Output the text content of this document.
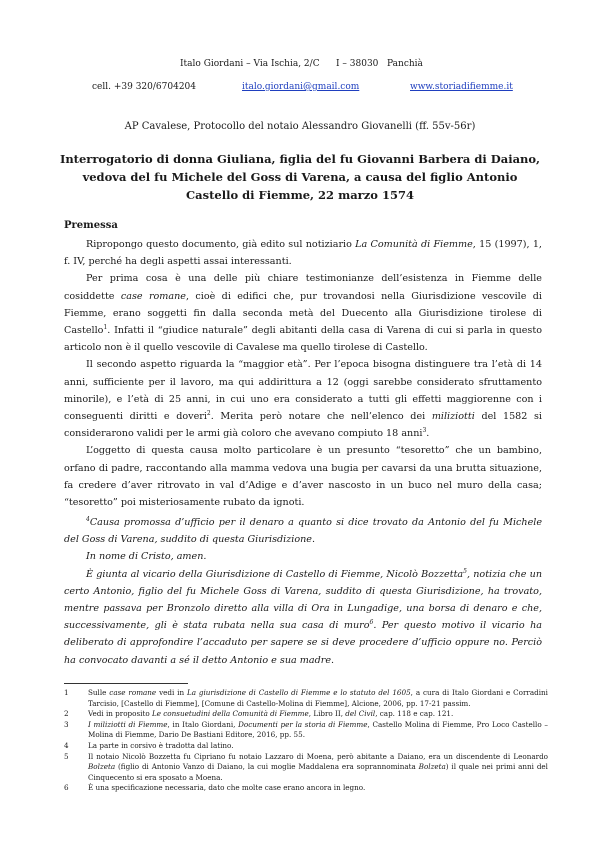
Italo Giordani – Via Ischia, 2/C I – 38030 Panchià
cell. +39 320/6704204	italo.giordani@gmail.com	www.storiadifiemme.it
AP Cavalese, Protocollo del notaio Alessandro Giovanelli (ff. 55v-56r)
Interrogatorio di donna Giuliana, figlia del fu Giovanni Barbera di Daiano,
vedova del fu Michele del Goss di Varena, a causa del figlio Antonio
Castello di Fiemme, 22 marzo 1574
Premessa

Ripropongo questo documento, già edito sul notiziario La Comunità di Fiemme, 15 (1997), 1, f. IV, perché ha degli aspetti assai interessanti.

Per prima cosa è una delle più chiare testimonianze dell’esistenza in Fiemme delle cosiddette case romane, cioè di edifici che, pur trovandosi nella Giurisdizione vescovile di Fiemme, erano soggetti fin dalla seconda metà del Duecento alla Giurisdizione tirolese di Castello$^1$. Infatti il “giudice naturale” degli abitanti della casa di Varena di cui si parla in questo articolo non è il quello vescovile di Cavalese ma quello tirolese di Castello.

Il secondo aspetto riguarda la “maggior età”. Per l’epoca bisogna distinguere tra l’età di 14 anni, sufficiente per il lavoro, ma qui addirittura a 12 (oggi sarebbe considerato sfruttamento minorile), e l’età di 25 anni, in cui uno era considerato a tutti gli effetti maggiorenne con i conseguenti diritti e doveri$^2$. Merita però notare che nell’elenco dei miliziotti del 1582 si considerarono validi per le armi già coloro che avevano compiuto 18 anni$^3$.

L’oggetto di questa causa molto particolare è un presunto “tesoretto” che un bambino, orfano di padre, raccontando alla mamma vedova una bugia per cavarsi da una brutta situazione, fa credere d’aver ritrovato in val d’Adige e d’aver nascosto in un buco nel muro della casa; “tesoretto” poi misteriosamente rubato da ignoti.

$^4$Causa promossa d’ufficio per il denaro a quanto si dice trovato da Antonio del fu Michele del Goss di Varena, suddito di questa Giurisdizione.

In nome di Cristo, amen.

È giunta al vicario della Giurisdizione di Castello di Fiemme, Nicolò Bozzetta$^5$, notizia che un certo Antonio, figlio del fu Michele Goss di Varena, suddito di questa Giurisdizione, ha trovato, mentre passava per Bronzolo diretto alla villa di Ora in Lungadige, una borsa di denaro e che, successivamente, gli è stata rubata nella sua casa di muro$^6$. Per questo motivo il vicario ha deliberato di approfondire l’accaduto per sapere se si deve procedere d’ufficio oppure no. Perciò ha convocato davanti a sé il detto Antonio e sua madre.

1	Sulle case romane vedi in La giurisdizione di Castello di Fiemme e lo statuto del 1605, a cura di Italo Giordani e Corradini Tarcisio, [Castello di Fiemme], [Comune di Castello-Molina di Fiemme], Alcione, 2006, pp. 17-21 passim.
2	Vedi in proposito Le consuetudini della Comunità di Fiemme, Libro II, del Civil, cap. 118 e cap. 121.
3	I miliziotti di Fiemme, in Italo Giordani, Documenti per la storia di Fiemme, Castello Molina di Fiemme, Pro Loco Castello – Molina di Fiemme, Dario De Bastiani Editore, 2016, pp. 55.
4	La parte in corsivo è tradotta dal latino.
5	Il notaio Nicolò Bozzetta fu Cipriano fu notaio Lazzaro di Moena, però abitante a Daiano, era un discendente di Leonardo Bolzeta (figlio di Antonio Vanzo di Daiano, la cui moglie Maddalena era soprannominata Bolzeta) il quale nei primi anni del Cinquecento si era sposato a Moena.
6	È una specificazione necessaria, dato che molte case erano ancora in legno.
